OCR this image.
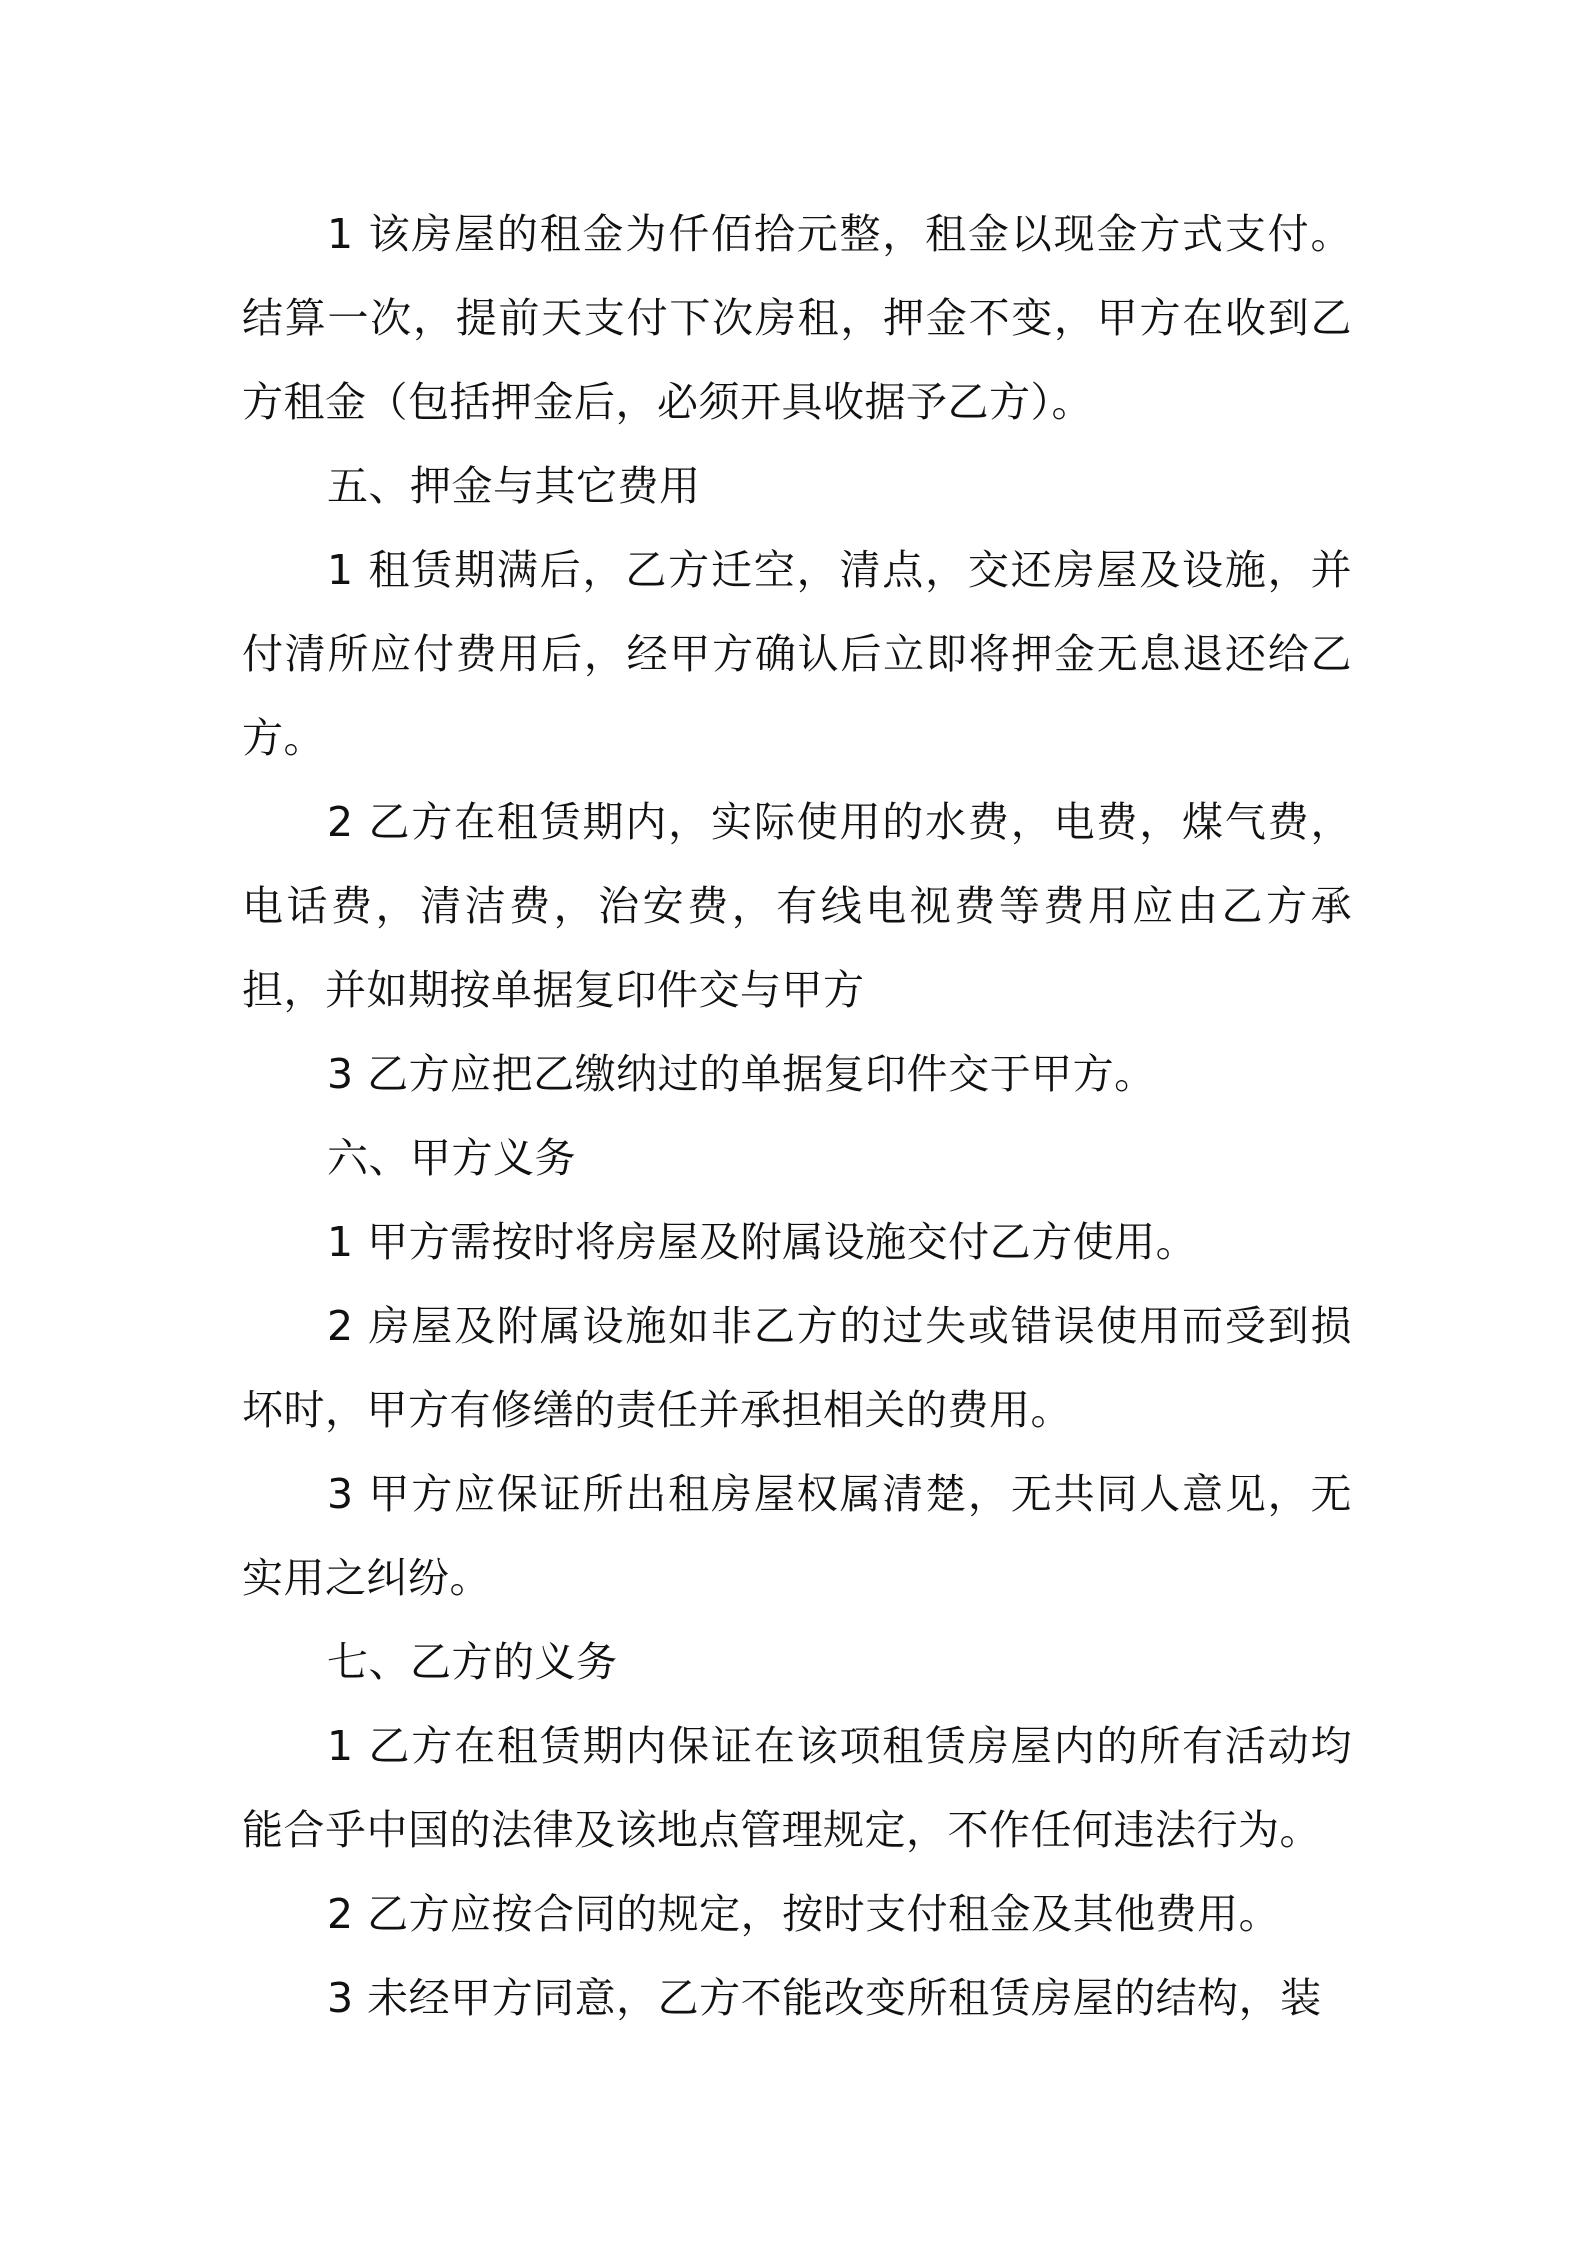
1 该房屋的租金为仟佰拾元整，租金以现金方式支付。结算一次，提前天支付下次房租，押金不变，甲方在收到乙方租金（包括押金后，必须开具收据予乙方）。

五、押金与其它费用

1 租赁期满后，乙方迁空，清点，交还房屋及设施，并付清所应付费用后，经甲方确认后立即将押金无息退还给乙方。

2 乙方在租赁期内，实际使用的水费，电费，煤气费，电话费，清洁费，治安费，有线电视费等费用应由乙方承担，并如期按单据复印件交与甲方

3 乙方应把乙缴纳过的单据复印件交于甲方。

六、甲方义务

1 甲方需按时将房屋及附属设施交付乙方使用。

2 房屋及附属设施如非乙方的过失或错误使用而受到损坏时，甲方有修缮的责任并承担相关的费用。

3 甲方应保证所出租房屋权属清楚，无共同人意见，无实用之纠纷。

七、乙方的义务

1 乙方在租赁期内保证在该项租赁房屋内的所有活动均能合乎中国的法律及该地点管理规定，不作任何违法行为。

2 乙方应按合同的规定，按时支付租金及其他费用。

3 未经甲方同意，乙方不能改变所租赁房屋的结构，装
